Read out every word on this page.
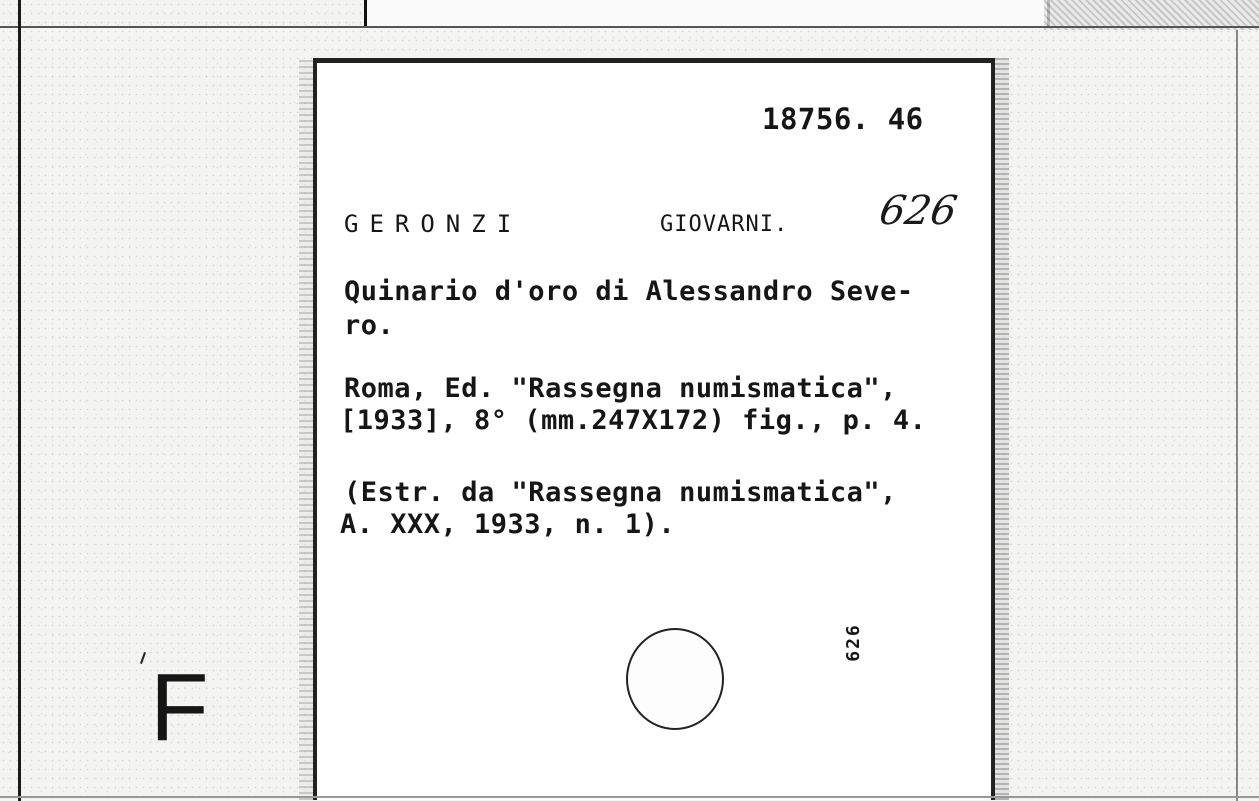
18756. 46
GERONZI	GIOVARNI. 626
Quinario d'oro di Alessandro Seve-
ro.
Roma, Ed. "Rassegna numismatica",
[1933], 8° (mm.247X172) fig., p. 4.
(Estr. da "Rassegna numismatica",
A. XXX, 1933, n. 1).
626
F
